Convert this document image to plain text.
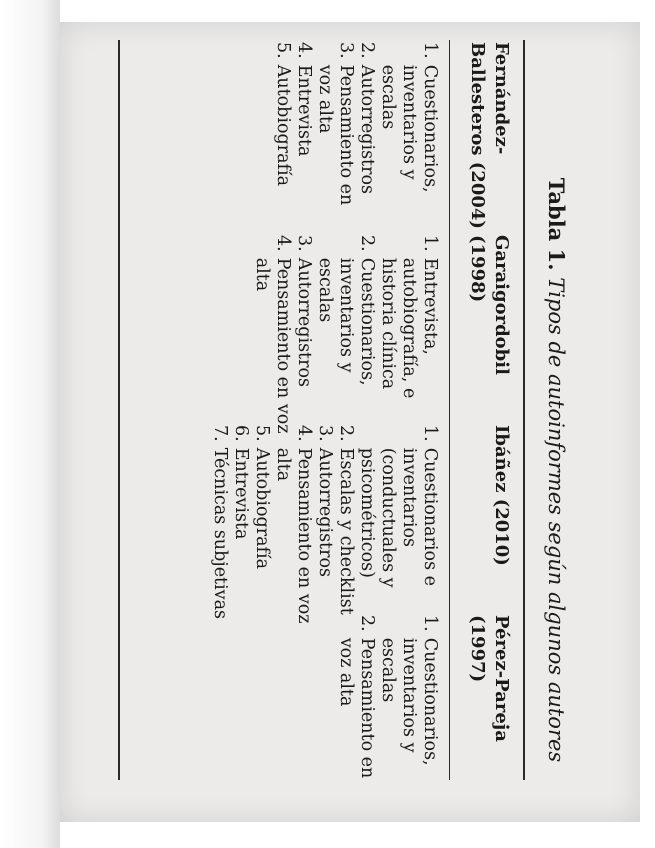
Tabla 1. Tipos de autoinformes según algunos autores
Fernández-Ballesteros (2004)
Garaigordobil (1998)
Ibáñez (2010)
Pérez-Pareja (1997)
1.
Cuestionarios, inventarios y escalas
2.
Autorregistros
3.
Pensamiento en voz alta
4.
Entrevista
5.
Autobiografía
1.
Entrevista, autobiografía, e historia clínica
2.
Cuestionarios, inventarios y escalas
3.
Autorregistros
4.
Pensamiento en voz alta
1.
Cuestionarios e inventarios (conductuales y psicométricos)
2.
Escalas y checklist
3.
Autorregistros
4.
Pensamiento en voz alta
5.
Autobiografía
6.
Entrevista
7.
Técnicas subjetivas
1.
Cuestionarios, inventarios y escalas
2.
Pensamiento en voz alta
